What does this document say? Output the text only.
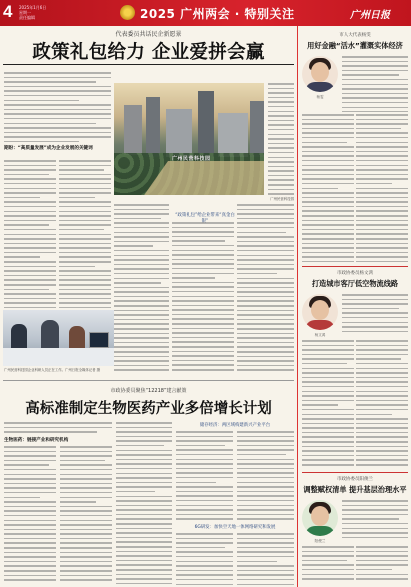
4 2025年1月6日
星期一
责任编辑	2025 广州两会 · 特别关注	广州日报
代表委员共话民企新愿景
政策礼包给力 企业爱拼会赢
期盼：“高质量发展”成为企业发展的关键词
广州民营科技园
广州民营科技园
“政策礼包”给企业带来“真金白
广州民营科技园企业科研人员正在工作。广州日报全媒体记者 摄
市政协委员聚焦“12218”建言献策
高标准制定生物医药产业多倍增长计划
生物医药：链接产业和研究机构
储存经济：两区域构建新兴产业平台
6G研发：加快空天地一体网络研究和发展
市人大代表杨雯
用好金融“活水”灌溉实体经济
杨雯
市政协委员杨文鸿
打造城市客厅低空物流线路
杨文鸿
市政协委员阳俊兰
调整赋权清单 提升基层治理水平
阳俊兰
